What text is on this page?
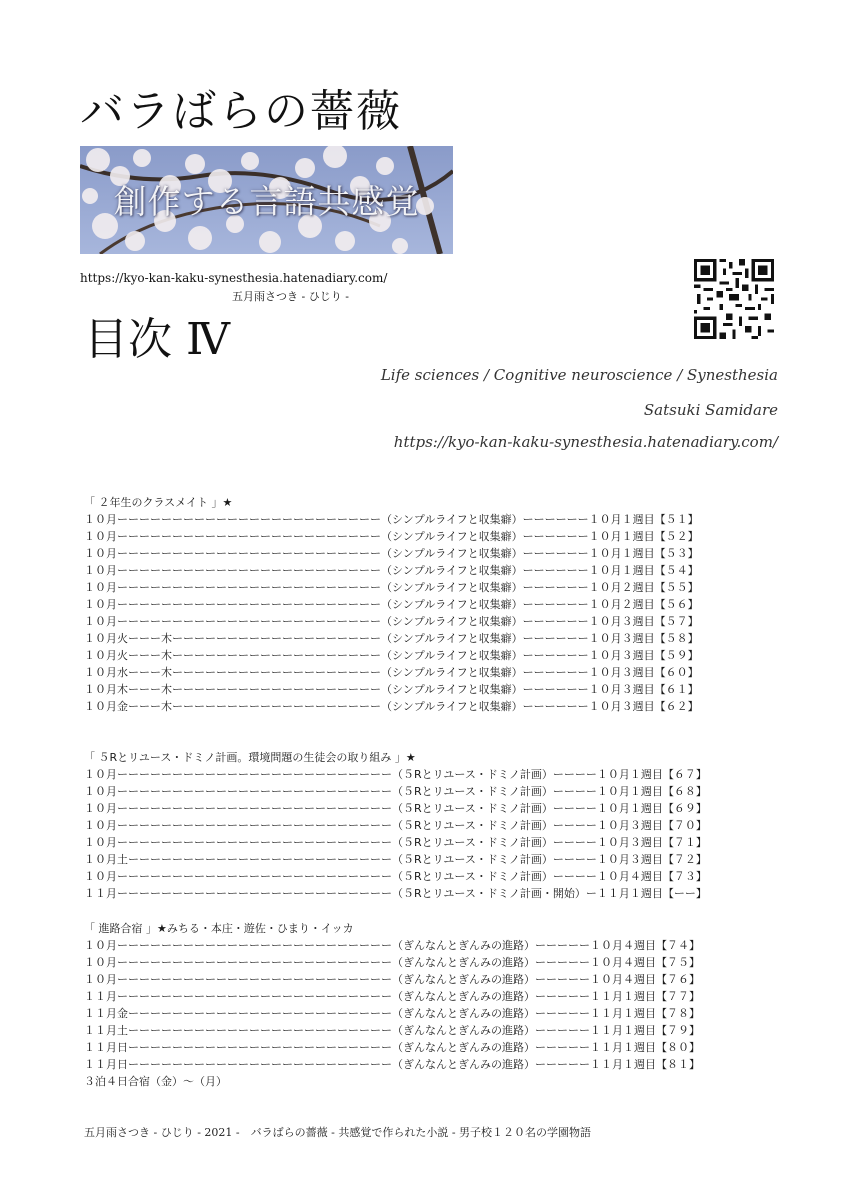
バラばらの薔薇
創作する言語共感覚
https://kyo-kan-kaku-synesthesia.hatenadiary.com/
五月雨さつき - ひじり -
目次 Ⅳ
Life sciences / Cognitive neuroscience / Synesthesia
Satsuki Samidare
https://kyo-kan-kaku-synesthesia.hatenadiary.com/
「 ２年生のクラスメイト 」★
１０月ーーーーーーーーーーーーーーーーーーーーーーーー （シンプルライフと収集癖） ーーーーーー１０月１週目【５１】
１０月ーーーーーーーーーーーーーーーーーーーーーーーー （シンプルライフと収集癖） ーーーーーー１０月１週目【５２】
１０月ーーーーーーーーーーーーーーーーーーーーーーーー （シンプルライフと収集癖） ーーーーーー１０月１週目【５３】
１０月ーーーーーーーーーーーーーーーーーーーーーーーー （シンプルライフと収集癖） ーーーーーー１０月１週目【５４】
１０月ーーーーーーーーーーーーーーーーーーーーーーーー （シンプルライフと収集癖） ーーーーーー１０月２週目【５５】
１０月ーーーーーーーーーーーーーーーーーーーーーーーー （シンプルライフと収集癖） ーーーーーー１０月２週目【５６】
１０月ーーーーーーーーーーーーーーーーーーーーーーーー （シンプルライフと収集癖） ーーーーーー１０月３週目【５７】
１０月火ーーー木ーーーーーーーーーーーーーーーーーーー （シンプルライフと収集癖） ーーーーーー１０月３週目【５８】
１０月火ーーー木ーーーーーーーーーーーーーーーーーーー （シンプルライフと収集癖） ーーーーーー１０月３週目【５９】
１０月水ーーー木ーーーーーーーーーーーーーーーーーーー （シンプルライフと収集癖） ーーーーーー１０月３週目【６０】
１０月木ーーー木ーーーーーーーーーーーーーーーーーーー （シンプルライフと収集癖） ーーーーーー１０月３週目【６１】
１０月金ーーー木ーーーーーーーーーーーーーーーーーーー （シンプルライフと収集癖） ーーーーーー１０月３週目【６２】
「 ５Rとリユース・ドミノ計画。環境問題の生徒会の取り組み 」★
１０月ーーーーーーーーーーーーーーーーーーーーーーーーー （５Rとリユース・ドミノ計画） ーーーー１０月１週目【６７】
１０月ーーーーーーーーーーーーーーーーーーーーーーーーー （５Rとリユース・ドミノ計画） ーーーー１０月１週目【６８】
１０月ーーーーーーーーーーーーーーーーーーーーーーーーー （５Rとリユース・ドミノ計画） ーーーー１０月１週目【６９】
１０月ーーーーーーーーーーーーーーーーーーーーーーーーー （５Rとリユース・ドミノ計画） ーーーー１０月３週目【７０】
１０月ーーーーーーーーーーーーーーーーーーーーーーーーー （５Rとリユース・ドミノ計画） ーーーー１０月３週目【７１】
１０月土ーーーーーーーーーーーーーーーーーーーーーーーー （５Rとリユース・ドミノ計画） ーーーー１０月３週目【７２】
１０月ーーーーーーーーーーーーーーーーーーーーーーーーー （５Rとリユース・ドミノ計画） ーーーー１０月４週目【７３】
１１月ーーーーーーーーーーーーーーーーーーーーーーーーー （５Rとリユース・ドミノ計画・開始） ー１１月１週目【ーー】
「 進路合宿 」★みちる・本庄・遊佐・ひまり・イッカ
１０月ーーーーーーーーーーーーーーーーーーーーーーーーー （ぎんなんとぎんみの進路） ーーーーー１０月４週目【７４】
１０月ーーーーーーーーーーーーーーーーーーーーーーーーー （ぎんなんとぎんみの進路） ーーーーー１０月４週目【７５】
１０月ーーーーーーーーーーーーーーーーーーーーーーーーー （ぎんなんとぎんみの進路） ーーーーー１０月４週目【７６】
１１月ーーーーーーーーーーーーーーーーーーーーーーーーー （ぎんなんとぎんみの進路） ーーーーー１１月１週目【７７】
１１月金ーーーーーーーーーーーーーーーーーーーーーーーー （ぎんなんとぎんみの進路） ーーーーー１１月１週目【７８】
１１月土ーーーーーーーーーーーーーーーーーーーーーーーー （ぎんなんとぎんみの進路） ーーーーー１１月１週目【７９】
１１月日ーーーーーーーーーーーーーーーーーーーーーーーー （ぎんなんとぎんみの進路） ーーーーー１１月１週目【８０】
１１月日ーーーーーーーーーーーーーーーーーーーーーーーー （ぎんなんとぎんみの進路） ーーーーー１１月１週目【８１】
３泊４日合宿（金）〜（月）
五月雨さつき - ひじり - 2021 -　バラばらの薔薇 - 共感覚で作られた小説 - 男子校１２０名の学園物語
